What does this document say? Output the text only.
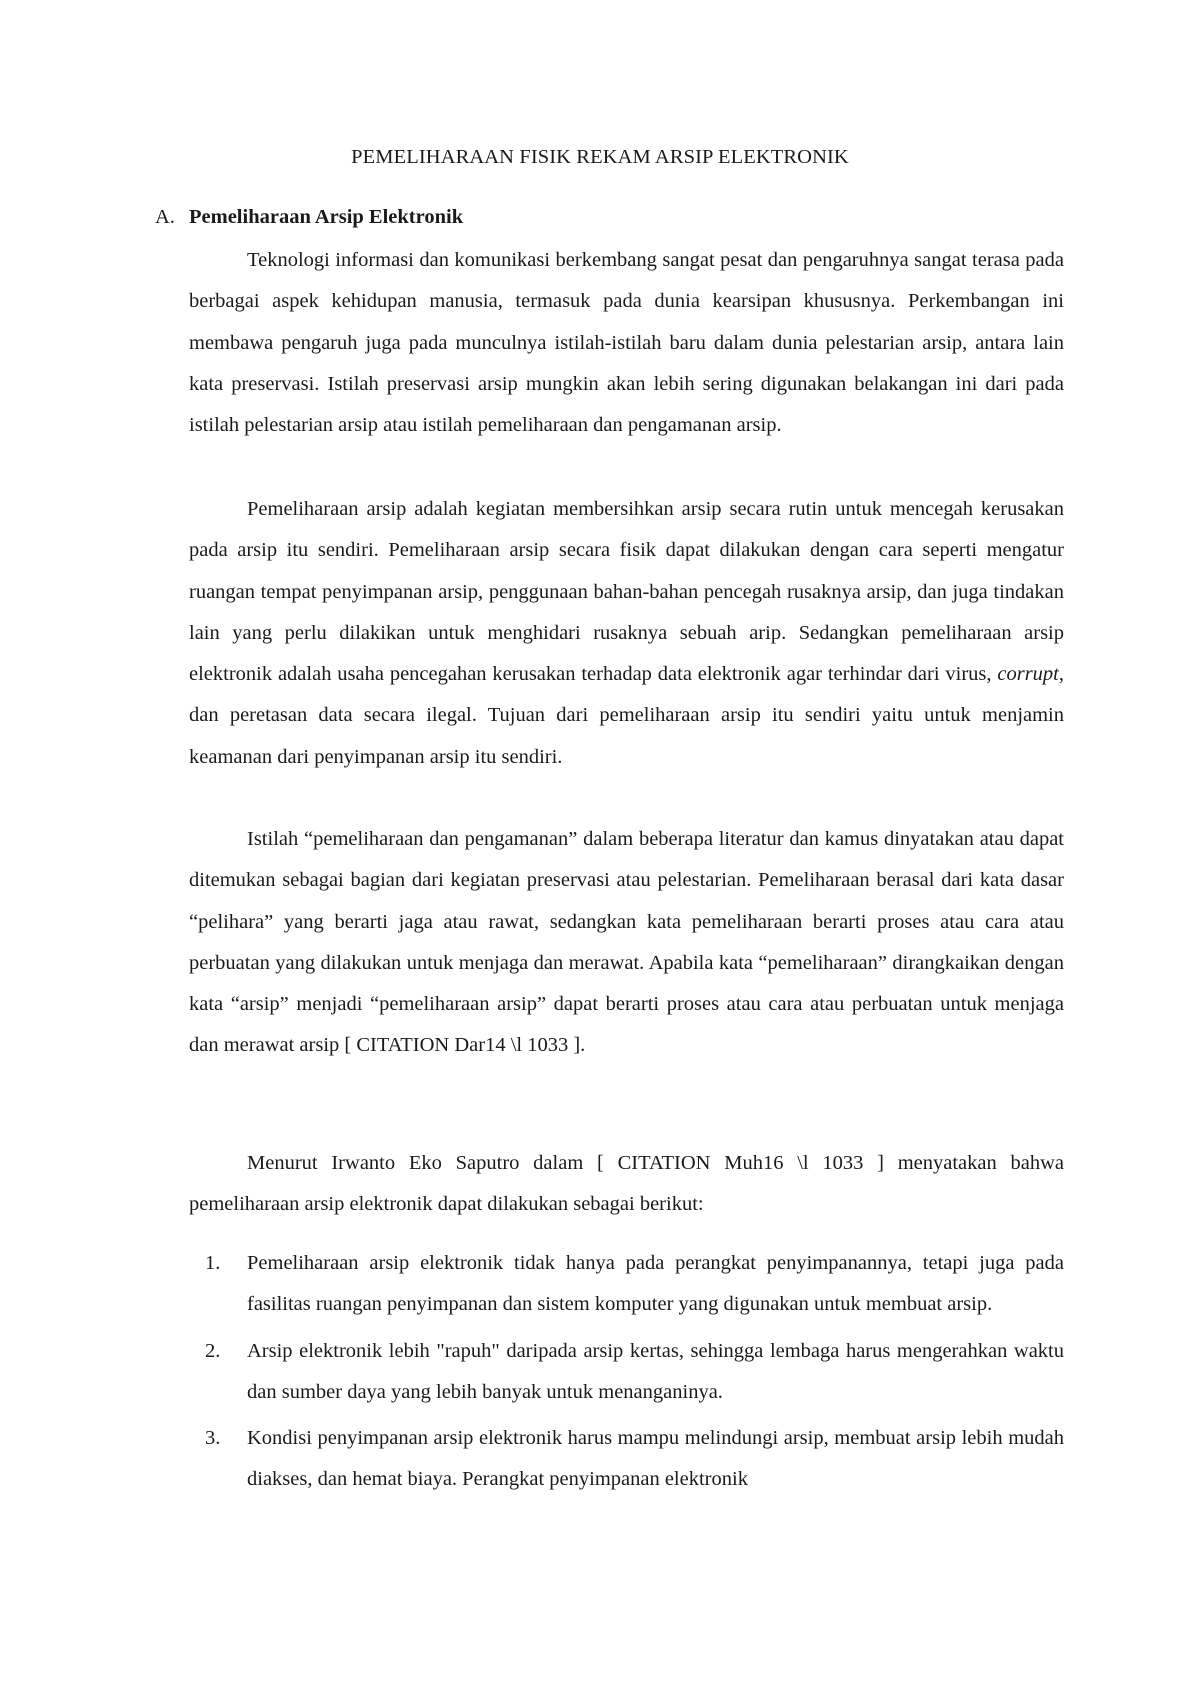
PEMELIHARAAN FISIK REKAM ARSIP ELEKTRONIK
A. Pemeliharaan Arsip Elektronik

Teknologi informasi dan komunikasi berkembang sangat pesat dan pengaruhnya sangat terasa pada berbagai aspek kehidupan manusia, termasuk pada dunia kearsipan khususnya. Perkembangan ini membawa pengaruh juga pada munculnya istilah-istilah baru dalam dunia pelestarian arsip, antara lain kata preservasi. Istilah preservasi arsip mungkin akan lebih sering digunakan belakangan ini dari pada istilah pelestarian arsip atau istilah pemeliharaan dan pengamanan arsip.

Pemeliharaan arsip adalah kegiatan membersihkan arsip secara rutin untuk mencegah kerusakan pada arsip itu sendiri. Pemeliharaan arsip secara fisik dapat dilakukan dengan cara seperti mengatur ruangan tempat penyimpanan arsip, penggunaan bahan-bahan pencegah rusaknya arsip, dan juga tindakan lain yang perlu dilakikan untuk menghidari rusaknya sebuah arip. Sedangkan pemeliharaan arsip elektronik adalah usaha pencegahan kerusakan terhadap data elektronik agar terhindar dari virus, corrupt, dan peretasan data secara ilegal. Tujuan dari pemeliharaan arsip itu sendiri yaitu untuk menjamin keamanan dari penyimpanan arsip itu sendiri.

Istilah “pemeliharaan dan pengamanan” dalam beberapa literatur dan kamus dinyatakan atau dapat ditemukan sebagai bagian dari kegiatan preservasi atau pelestarian. Pemeliharaan berasal dari kata dasar “pelihara” yang berarti jaga atau rawat, sedangkan kata pemeliharaan berarti proses atau cara atau perbuatan yang dilakukan untuk menjaga dan merawat. Apabila kata “pemeliharaan” dirangkaikan dengan kata “arsip” menjadi “pemeliharaan arsip” dapat berarti proses atau cara atau perbuatan untuk menjaga dan merawat arsip [ CITATION Dar14 \l 1033 ].

Menurut Irwanto Eko Saputro dalam [ CITATION Muh16 \l 1033 ] menyatakan bahwa pemeliharaan arsip elektronik dapat dilakukan sebagai berikut:

1. Pemeliharaan arsip elektronik tidak hanya pada perangkat penyimpanannya, tetapi juga pada fasilitas ruangan penyimpanan dan sistem komputer yang digunakan untuk membuat arsip.
2. Arsip elektronik lebih "rapuh" daripada arsip kertas, sehingga lembaga harus mengerahkan waktu dan sumber daya yang lebih banyak untuk menanganinya.
3. Kondisi penyimpanan arsip elektronik harus mampu melindungi arsip, membuat arsip lebih mudah diakses, dan hemat biaya. Perangkat penyimpanan elektronik
